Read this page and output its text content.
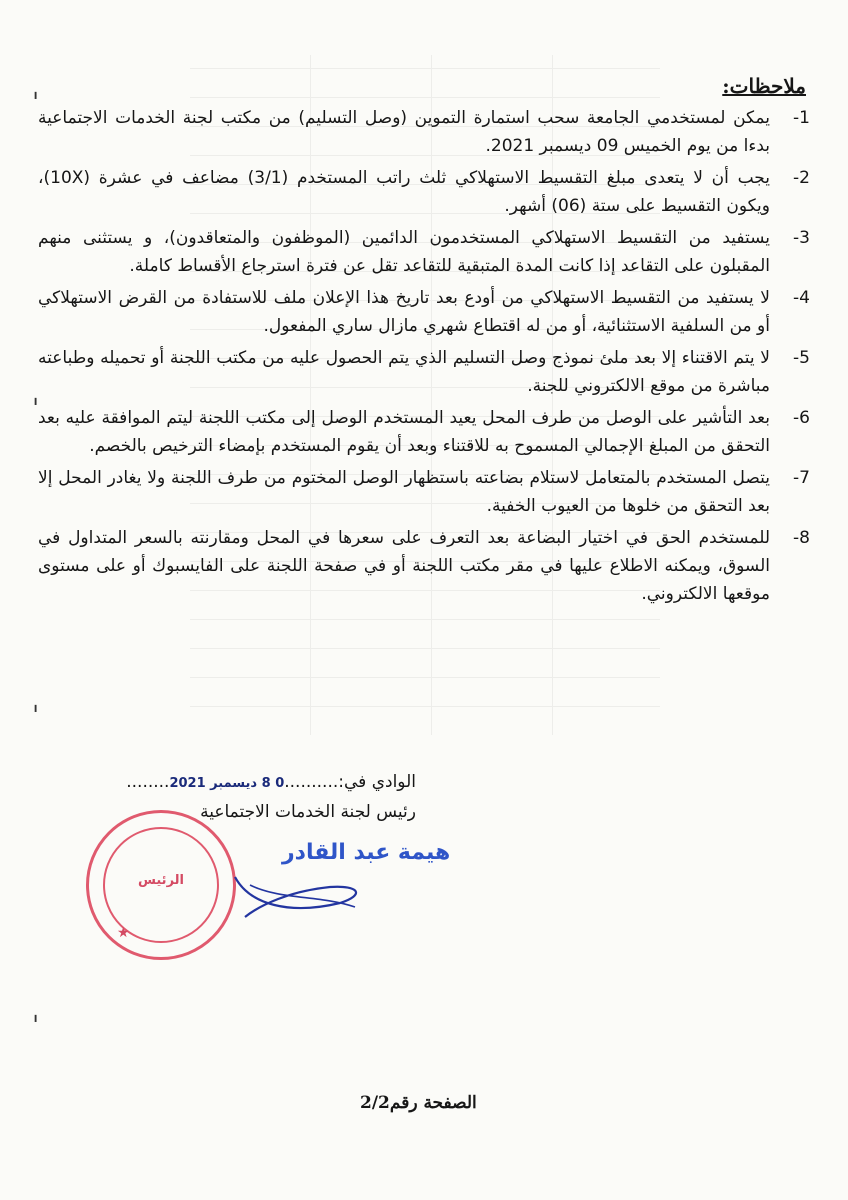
ملاحظات:
1-
يمكن لمستخدمي الجامعة سحب استمارة التموين (وصل التسليم) من مكتب لجنة الخدمات الاجتماعية بدءا من يوم الخميس 09 ديسمبر 2021.
2-
يجب أن لا يتعدى مبلغ التقسيط الاستهلاكي ثلث راتب المستخدم (3/1) مضاعف في عشرة (10X)، ويكون التقسيط على ستة (06) أشهر.
3-
يستفيد من التقسيط الاستهلاكي المستخدمون الدائمين (الموظفون والمتعاقدون)، و يستثنى منهم المقبلون على التقاعد إذا كانت المدة المتبقية للتقاعد تقل عن فترة استرجاع الأقساط كاملة.
4-
لا يستفيد من التقسيط الاستهلاكي من أودع بعد تاريخ هذا الإعلان ملف للاستفادة من القرض الاستهلاكي أو من السلفية الاستثنائية، أو من له اقتطاع شهري مازال ساري المفعول.
5-
لا يتم الاقتناء إلا بعد ملئ نموذج وصل التسليم الذي يتم الحصول عليه من مكتب اللجنة أو تحميله وطباعته مباشرة من موقع الالكتروني للجنة.
6-
بعد التأشير على الوصل من طرف المحل يعيد المستخدم الوصل إلى مكتب اللجنة ليتم الموافقة عليه بعد التحقق من المبلغ الإجمالي المسموح به للاقتناء وبعد أن يقوم المستخدم بإمضاء الترخيص بالخصم.
7-
يتصل المستخدم بالمتعامل لاستلام بضاعته باستظهار الوصل المختوم من طرف اللجنة ولا يغادر المحل إلا بعد التحقق من خلوها من العيوب الخفية.
8-
للمستخدم الحق في اختيار البضاعة بعد التعرف على سعرها في المحل ومقارنته بالسعر المتداول في السوق، ويمكنه الاطلاع عليها في مقر مكتب اللجنة أو في صفحة اللجنة على الفايسبوك أو على مستوى موقعها الالكتروني.
الوادي في:..........0 8 ديسمبر 2021........
رئيس لجنة الخدمات الاجتماعية
الرئيس
★
هيمة عبد القادر
╹
╹
╹
╹
الصفحة رقم2/2
